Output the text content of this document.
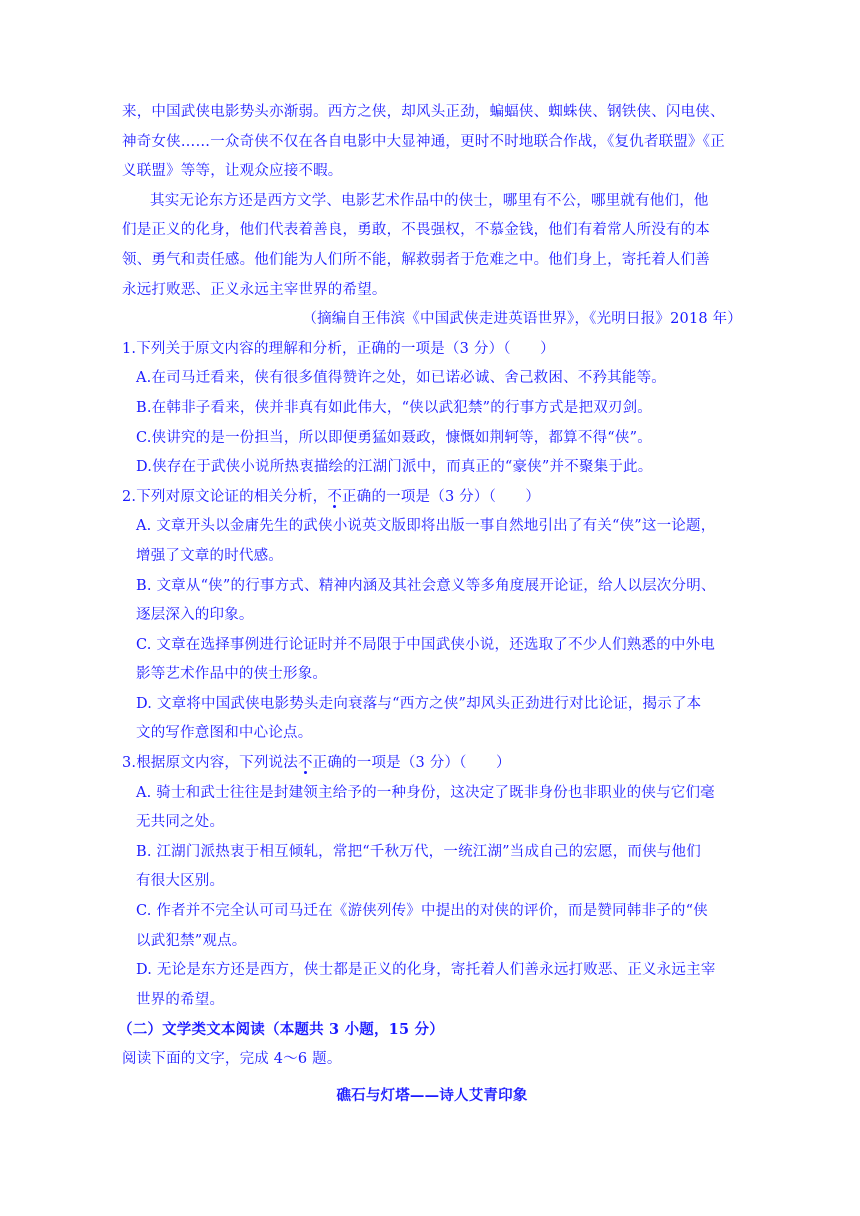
来，中国武侠电影势头亦渐弱。西方之侠，却风头正劲，蝙蝠侠、蜘蛛侠、钢铁侠、闪电侠、
神奇女侠……一众奇侠不仅在各自电影中大显神通，更时不时地联合作战，《复仇者联盟》《正
义联盟》等等，让观众应接不暇。
其实无论东方还是西方文学、电影艺术作品中的侠士，哪里有不公，哪里就有他们，他
们是正义的化身，他们代表着善良，勇敢，不畏强权，不慕金钱，他们有着常人所没有的本
领、勇气和责任感。他们能为人们所不能，解救弱者于危难之中。他们身上，寄托着人们善
永远打败恶、正义永远主宰世界的希望。
（摘编自王伟滨《中国武侠走进英语世界》，《光明日报》2018 年）
1.下列关于原文内容的理解和分析，正确的一项是（3 分）（　　）
A.在司马迁看来，侠有很多值得赞许之处，如已诺必诚、舍己救困、不矜其能等。
B.在韩非子看来，侠并非真有如此伟大，“侠以武犯禁”的行事方式是把双刃剑。
C.侠讲究的是一份担当，所以即便勇猛如聂政，慷慨如荆轲等，都算不得“侠”。
D.侠存在于武侠小说所热衷描绘的江湖门派中，而真正的“豪侠”并不聚集于此。
2.下列对原文论证的相关分析，不正确的一项是（3 分）（　　）
A. 文章开头以金庸先生的武侠小说英文版即将出版一事自然地引出了有关“侠”这一论题，
增强了文章的时代感。
B. 文章从“侠”的行事方式、精神内涵及其社会意义等多角度展开论证，给人以层次分明、
逐层深入的印象。
C. 文章在选择事例进行论证时并不局限于中国武侠小说，还选取了不少人们熟悉的中外电
影等艺术作品中的侠士形象。
D. 文章将中国武侠电影势头走向衰落与“西方之侠”却风头正劲进行对比论证，揭示了本
文的写作意图和中心论点。
3.根据原文内容，下列说法不正确的一项是（3 分）（　　）
A. 骑士和武士往往是封建领主给予的一种身份，这决定了既非身份也非职业的侠与它们毫
无共同之处。
B. 江湖门派热衷于相互倾轧，常把“千秋万代，一统江湖”当成自己的宏愿，而侠与他们
有很大区别。
C. 作者并不完全认可司马迁在《游侠列传》中提出的对侠的评价，而是赞同韩非子的“侠
以武犯禁”观点。
D. 无论是东方还是西方，侠士都是正义的化身，寄托着人们善永远打败恶、正义永远主宰
世界的希望。
（二）文学类文本阅读（本题共 3 小题，15 分）
阅读下面的文字，完成 4～6 题。
礁石与灯塔——诗人艾青印象
